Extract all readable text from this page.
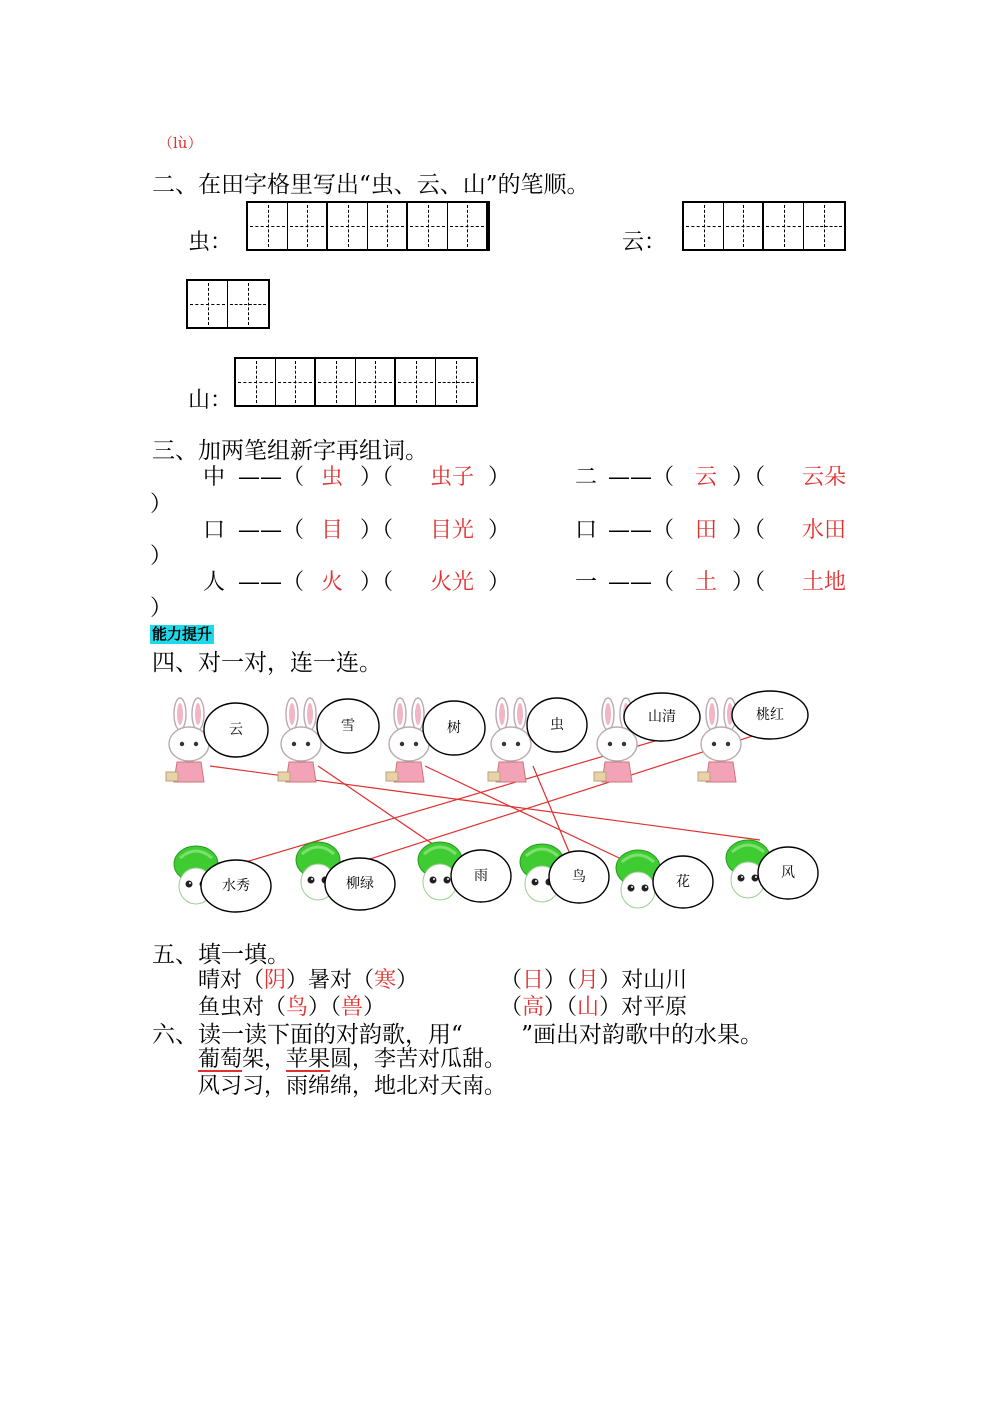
（lù）
二、在田字格里写出“虫、云、山”的笔顺。
虫：	云：
山：
三、加两笔组新字再组词。
中 ——（ 虫 ）（ 虫子 ）	二 ——（ 云 ）（ 云朵
）
口 ——（ 目 ）（ 目光 ）	口 ——（ 田 ）（ 水田
）
人 ——（ 火 ）（ 火光 ）	一 ——（ 土 ）（ 土地
）
能力提升
四、对一对，连一连。
云	雪	树	虫	山清	桃红
水秀	柳绿	雨	鸟	花
风
五、填一填。
晴对（阴）暑对（寒）	（日）（月）对山川
鱼虫对（鸟）（兽）	（高）（山）对平原
六、读一读下面的对韵歌，用“        ”画出对韵歌中的水果。
葡萄架，苹果圆，李苦对瓜甜。
风习习，雨绵绵，地北对天南。
